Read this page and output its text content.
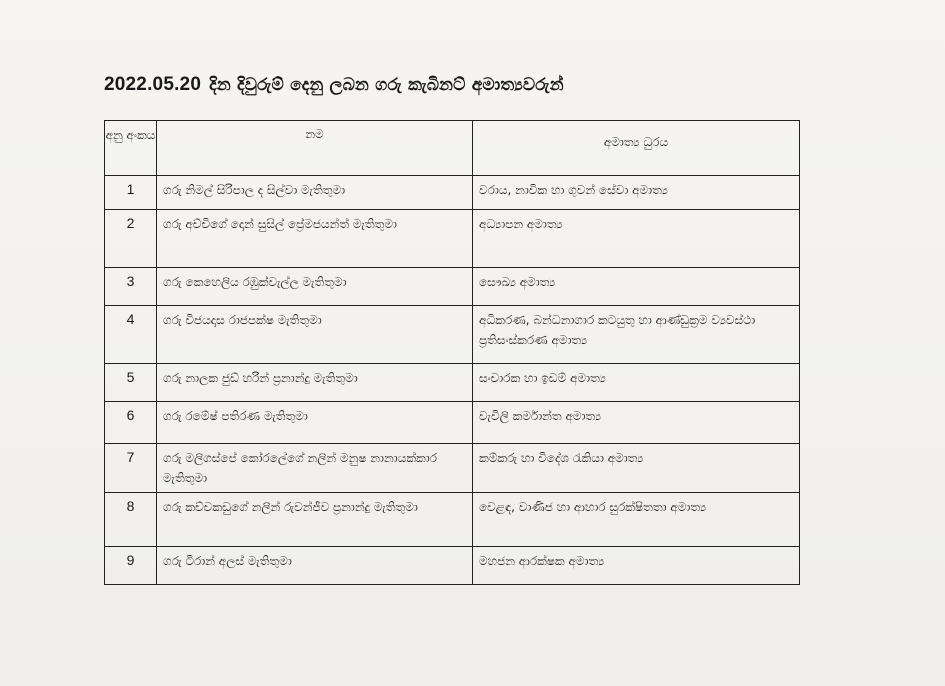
2022.05.20 දින දිවුරුම් දෙනු ලබන ගරු කැබිනට් අමාත්‍යවරුන්
අනු අංකය	නම	අමාත්‍ය ධුරය
1	ගරු නිමල් සිරිපාල ද සිල්වා මැතිතුමා	වරාය, නාවික හා ගුවන් සේවා අමාත්‍ය
2	ගරු අච්චිගේ දොන් සුසිල් ප්‍රේමජයන්ත් මැතිතුමා	අධ්‍යාපන අමාත්‍ය
3	ගරු කෙහෙලිය රඹුක්වැල්ල මැතිතුමා	සෞඛ්‍ය අමාත්‍ය
4	ගරු විජයදාස රාජපක්ෂ මැතිතුමා	අධිකරණ, බන්ධනාගාර කටයුතු හා ආණ්ඩුක්‍රම ව්‍යවස්ථා ප්‍රතිසංස්කරණ අමාත්‍ය
5	ගරු නාලක ජුඩ් හරින් ප්‍රනාන්දු මැතිතුමා	සංචාරක හා ඉඩම් අමාත්‍ය
6	ගරු රමේෂ් පතිරණ මැතිතුමා	වැවිලි කර්මාන්ත අමාත්‍ය
7	ගරු මලිගස්පේ කෝරලේගේ නලින් මනුෂ නානායක්කාර මැතිතුමා	කම්කරු හා විදේශ රැකියා අමාත්‍ය
8	ගරු කච්චකඩුගේ නලින් රුවන්ජීව ප්‍රනාන්දු මැතිතුමා	වෙළඳ, වාණිජ හා ආහාර සුරක්ෂිතතා අමාත්‍ය
9	ගරු ටිරාන් අලස් මැතිතුමා	මහජන ආරක්ෂක අමාත්‍ය
